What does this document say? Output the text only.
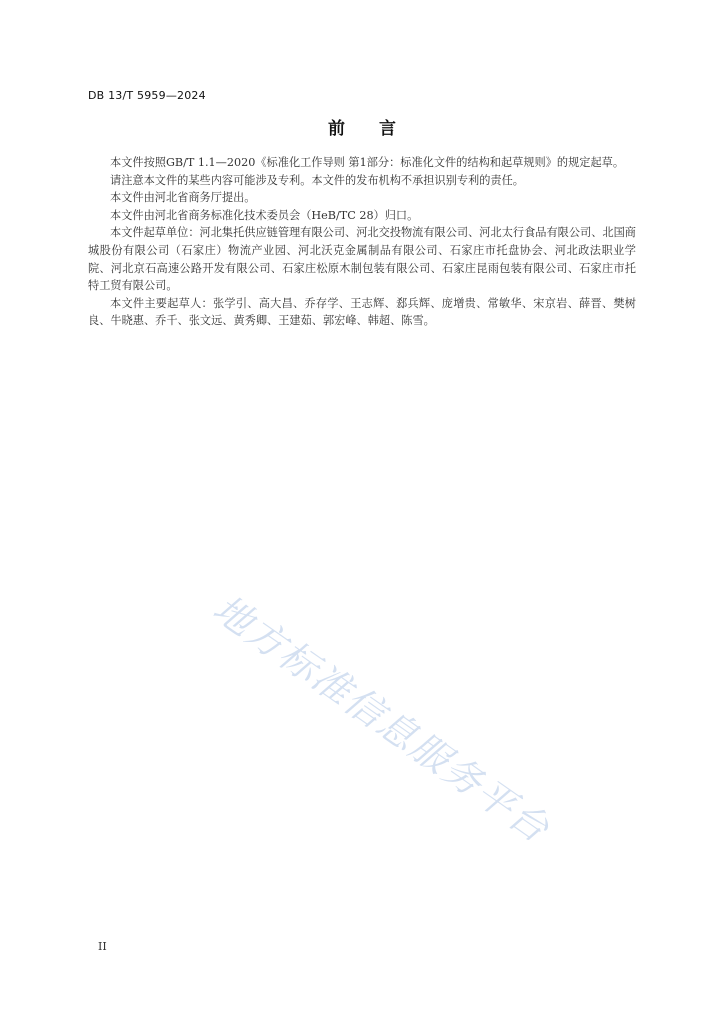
DB 13/T 5959—2024
前言

本文件按照GB/T 1.1—2020《标准化工作导则 第1部分：标准化文件的结构和起草规则》的规定起草。

请注意本文件的某些内容可能涉及专利。本文件的发布机构不承担识别专利的责任。

本文件由河北省商务厅提出。

本文件由河北省商务标准化技术委员会（HeB/TC 28）归口。

本文件起草单位：河北集托供应链管理有限公司、河北交投物流有限公司、河北太行食品有限公司、北国商城股份有限公司（石家庄）物流产业园、河北沃克金属制品有限公司、石家庄市托盘协会、河北政法职业学院、河北京石高速公路开发有限公司、石家庄松原木制包装有限公司、石家庄昆雨包装有限公司、石家庄市托特工贸有限公司。

本文件主要起草人：张学引、高大昌、乔存学、王志辉、郄兵辉、庞增贵、常敏华、宋京岩、薛晋、樊树良、牛晓惠、乔千、张文远、黄秀卿、王建茹、郭宏峰、韩超、陈雪。

地方标准信息服务平台
II
